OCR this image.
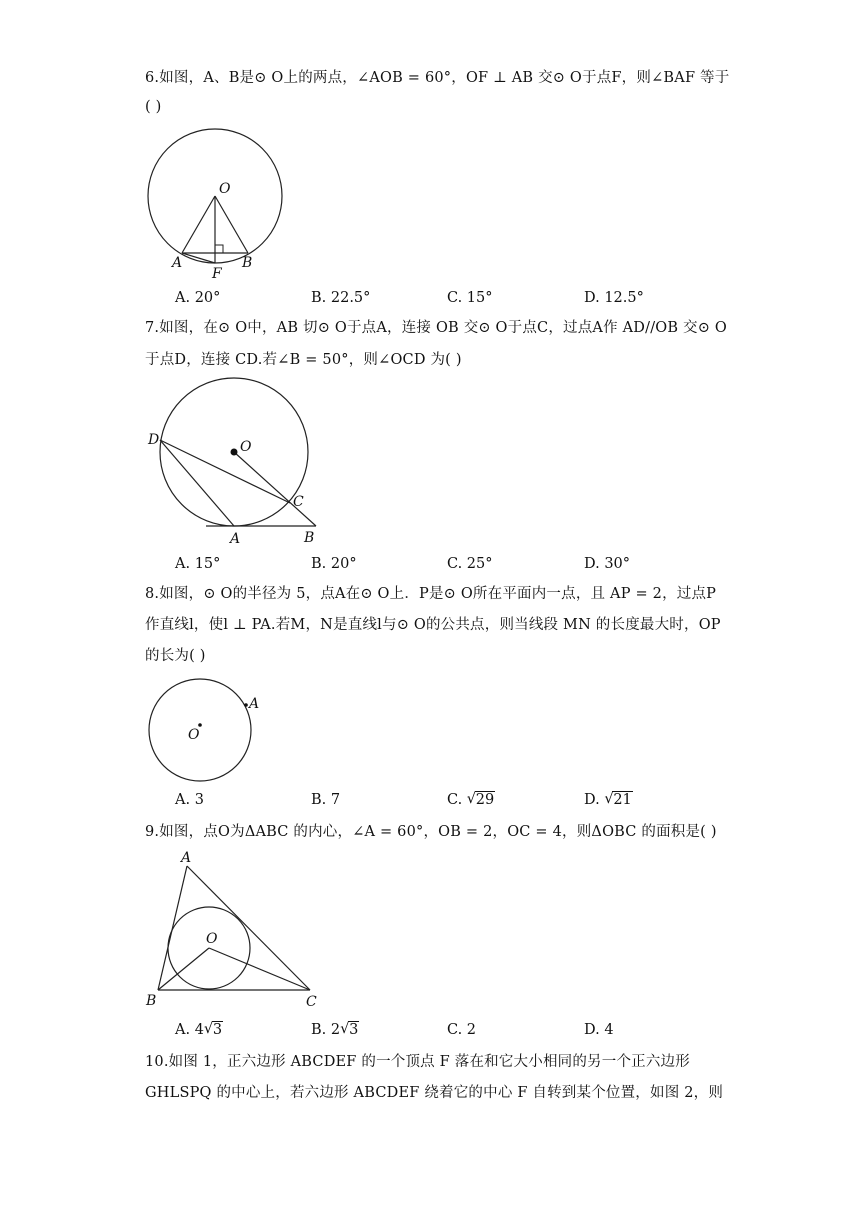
6.如图，A、B是⊙ O上的两点，∠AOB = 60°，OF ⊥ AB 交⊙ O于点F，则∠BAF 等于
( )
O
A
F
B
A. 20°	B. 22.5°	C. 15°	D. 12.5°
7.如图，在⊙ O中，AB 切⊙ O于点A，连接 OB 交⊙ O于点C，过点A作 AD//OB 交⊙ O
于点D，连接 CD.若∠B = 50°，则∠OCD 为( )
D	O
C
A	B
A. 15°	B. 20°	C. 25°	D. 30°
8.如图，⊙ O的半径为 5，点A在⊙ O上．P是⊙ O所在平面内一点，且 AP = 2，过点P
作直线l，使l ⊥ PA.若M，N是直线l与⊙ O的公共点，则当线段 MN 的长度最大时，OP
的长为( )
A
O
A. 3	B. 7	C. √ 29	D. √ 21
9.如图，点O为ΔABC 的内心，∠A = 60°，OB = 2，OC = 4，则ΔOBC 的面积是( )
A
O
B	C
A. 4 √ 3	B. 2 √ 3	C. 2	D. 4
10.如图 1，正六边形 ABCDEF 的一个顶点 F 落在和它大小相同的另一个正六边形
GHLSPQ 的中心上，若六边形 ABCDEF 绕着它的中心 F 自转到某个位置，如图 2，则
